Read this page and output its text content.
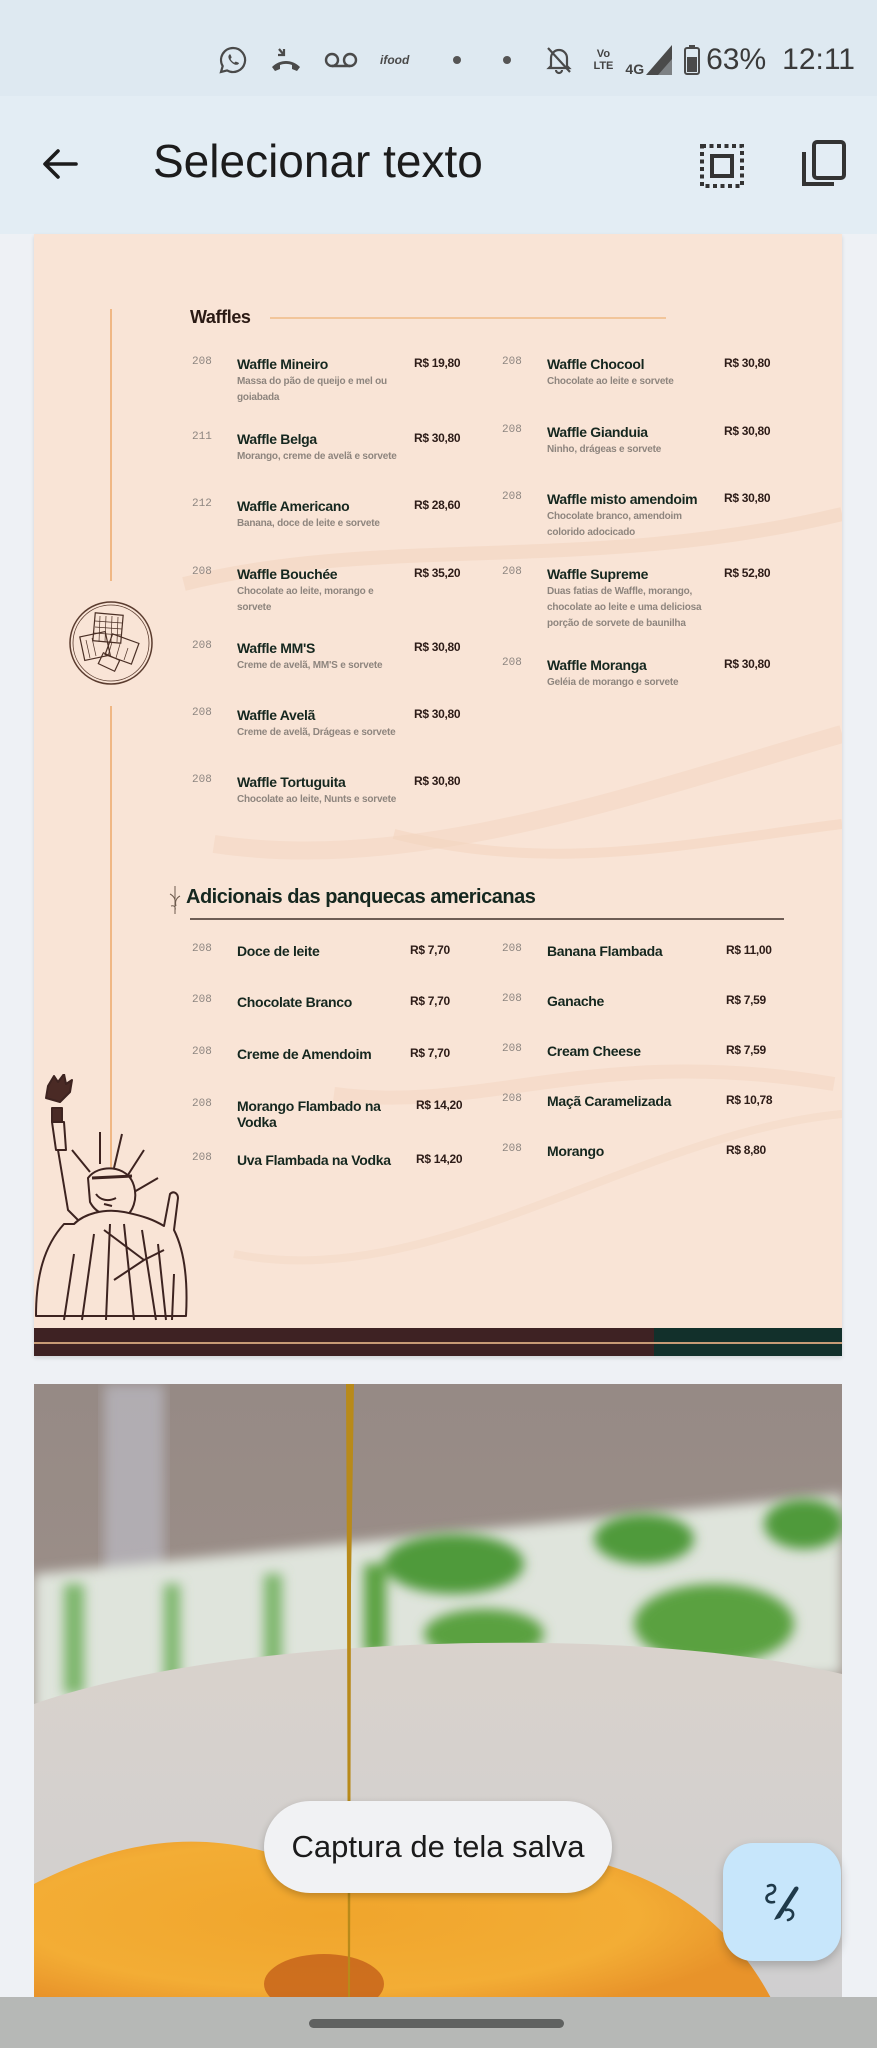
ifood	Vo
LTE 4G 63% 12:11
Selecionar texto
Waffles
208 Waffle Mineiro
Massa do pão de queijo e mel ou goiabada
R$ 19,80
211 Waffle Belga
Morango, creme de avelã e sorvete
R$ 30,80
212 Waffle Americano
Banana, doce de leite e sorvete
R$ 28,60
208 Waffle Bouchée
Chocolate ao leite, morango e sorvete
R$ 35,20
208 Waffle MM'S
Creme de avelã, MM'S e sorvete
R$ 30,80
208 Waffle Avelã
Creme de avelã, Drágeas e sorvete
R$ 30,80
208 Waffle Tortuguita
Chocolate ao leite, Nunts e sorvete
R$ 30,80
208 Waffle Chocool
Chocolate ao leite e sorvete
R$ 30,80
208 Waffle Gianduia
Ninho, drágeas e sorvete
R$ 30,80
208 Waffle misto amendoim
Chocolate branco, amendoim colorido adocicado
R$ 30,80
208 Waffle Supreme
Duas fatias de Waffle, morango, chocolate ao leite e uma deliciosa porção de sorvete de baunilha
R$ 52,80
208 Waffle Moranga
Geléia de morango e sorvete
R$ 30,80
Adicionais das panquecas americanas
208 Doce de leite	R$ 7,70
208 Chocolate Branco	R$ 7,70
208 Creme de Amendoim	R$ 7,70
208 Morango Flambado na Vodka
R$ 14,20
208 Uva Flambada na Vodka R$ 14,20
208 Banana Flambada	R$ 11,00
208 Ganache	R$ 7,59
208 Cream Cheese	R$ 7,59
208 Maçã Caramelizada	R$ 10,78
208 Morango	R$ 8,80
Captura de tela salva
